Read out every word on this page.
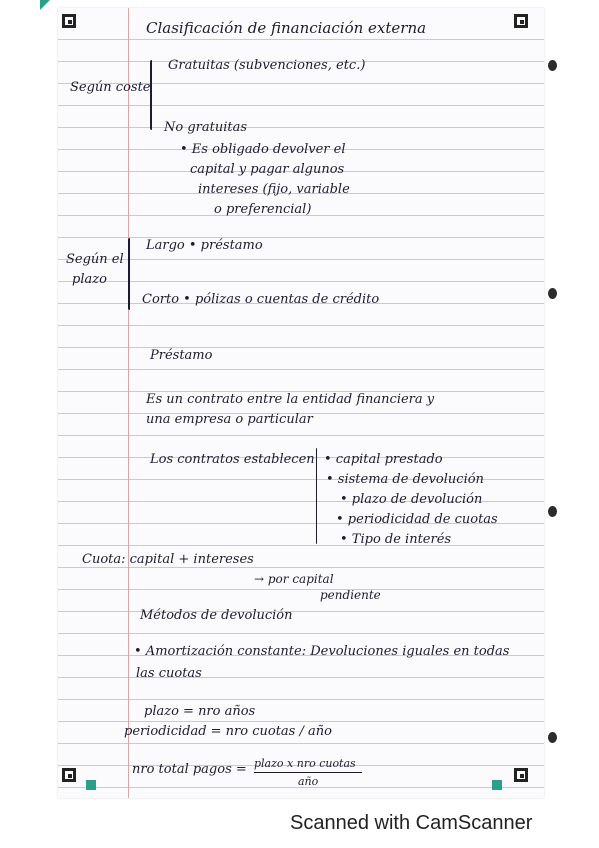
Clasificación de financiación externa
Según coste
Gratuitas (subvenciones, etc.)
No gratuitas
• Es obligado devolver el
capital y pagar algunos
intereses (fijo, variable
o preferencial)
Según el
plazo
Largo • préstamo
Corto • pólizas o cuentas de crédito
Préstamo
Es un contrato entre la entidad financiera y
una empresa o particular
Los contratos establecen • capital prestado
• sistema de devolución
• plazo de devolución
• periodicidad de cuotas
• Tipo de interés
Cuota: capital + intereses
→ por capital
pendiente
Métodos de devolución
• Amortización constante: Devoluciones iguales en todas
las cuotas
plazo = nro años
periodicidad = nro cuotas / año
nro total pagos = plazo x nro cuotas
año
Scanned with CamScanner
